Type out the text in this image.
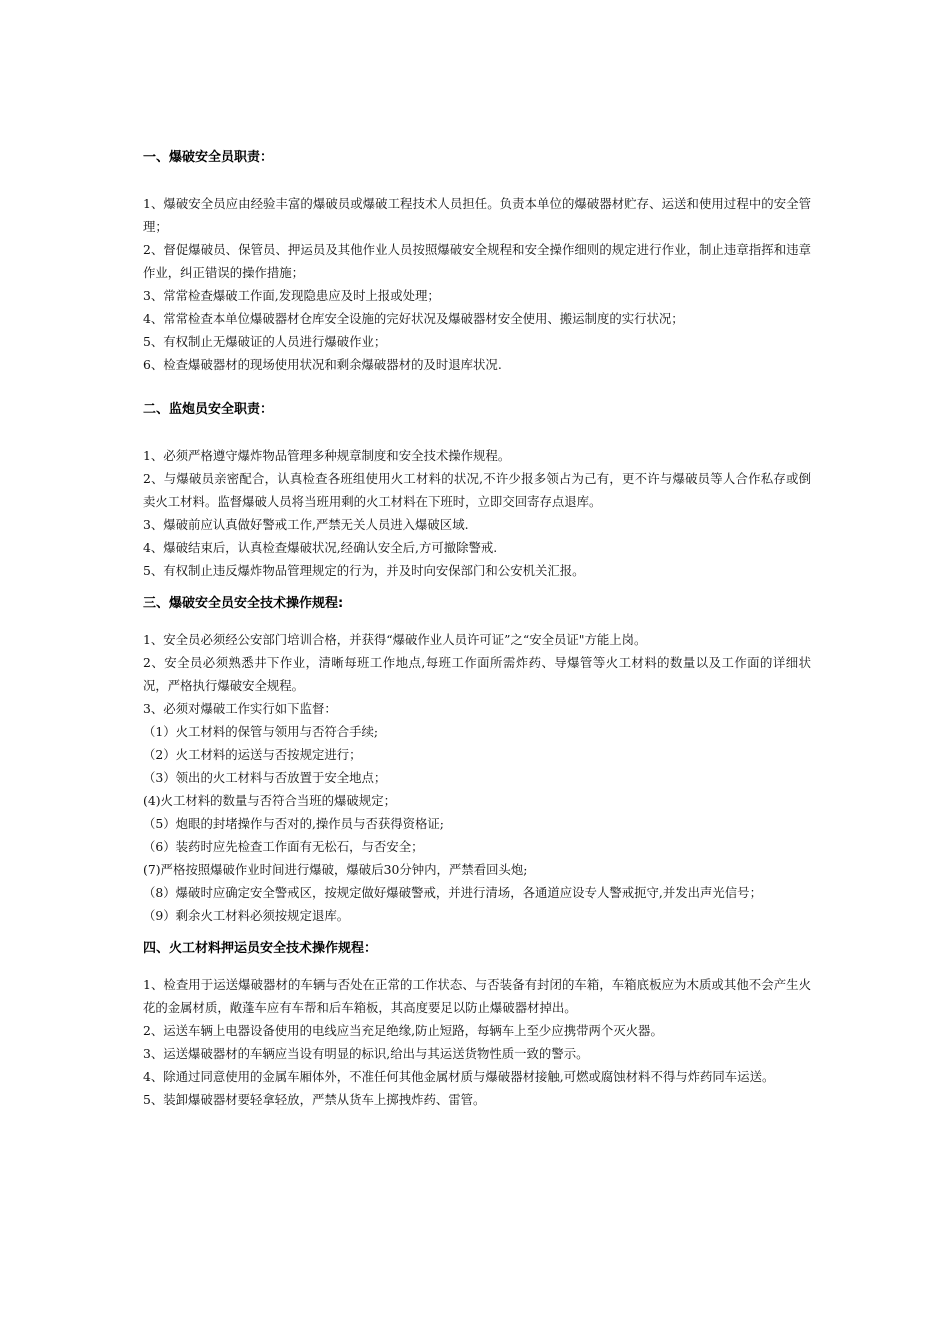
一、爆破安全员职责：
1、爆破安全员应由经验丰富的爆破员或爆破工程技术人员担任。负责本单位的爆破器材贮存、运送和使用过程中的安全管理；
2、督促爆破员、保管员、押运员及其他作业人员按照爆破安全规程和安全操作细则的规定进行作业，制止违章指挥和违章作业，纠正错误的操作措施；
3、常常检查爆破工作面,发现隐患应及时上报或处理；
4、常常检查本单位爆破器材仓库安全设施的完好状况及爆破器材安全使用、搬运制度的实行状况；
5、有权制止无爆破证的人员进行爆破作业；
6、检查爆破器材的现场使用状况和剩余爆破器材的及时退库状况.
二、监炮员安全职责：
1、必须严格遵守爆炸物品管理多种规章制度和安全技术操作规程。
2、与爆破员亲密配合，认真检查各班组使用火工材料的状况,不许少报多领占为己有，更不许与爆破员等人合作私存或倒卖火工材料。监督爆破人员将当班用剩的火工材料在下班时，立即交回寄存点退库。
3、爆破前应认真做好警戒工作,严禁无关人员进入爆破区域.
4、爆破结束后，认真检查爆破状况,经确认安全后,方可撤除警戒.
5、有权制止违反爆炸物品管理规定的行为，并及时向安保部门和公安机关汇报。
三、爆破安全员安全技术操作规程:
1、安全员必须经公安部门培训合格，并获得“爆破作业人员许可证”之“安全员证"方能上岗。
2、安全员必须熟悉井下作业，清晰每班工作地点,每班工作面所需炸药、导爆管等火工材料的数量以及工作面的详细状况，严格执行爆破安全规程。
3、必须对爆破工作实行如下监督：
（1）火工材料的保管与领用与否符合手续;
（2）火工材料的运送与否按规定进行；
（3）领出的火工材料与否放置于安全地点；
(4)火工材料的数量与否符合当班的爆破规定；
（5）炮眼的封堵操作与否对的,操作员与否获得资格证;
（6）装药时应先检查工作面有无松石，与否安全；
(7)严格按照爆破作业时间进行爆破，爆破后30分钟内，严禁看回头炮;
（8）爆破时应确定安全警戒区，按规定做好爆破警戒，并进行清场，各通道应设专人警戒扼守,并发出声光信号；
（9）剩余火工材料必须按规定退库。
四、火工材料押运员安全技术操作规程：
1、检查用于运送爆破器材的车辆与否处在正常的工作状态、与否装备有封闭的车箱，车箱底板应为木质或其他不会产生火花的金属材质，敞蓬车应有车帮和后车箱板，其高度要足以防止爆破器材掉出。
2、运送车辆上电器设备使用的电线应当充足绝缘,防止短路，每辆车上至少应携带两个灭火器。
3、运送爆破器材的车辆应当设有明显的标识,给出与其运送货物性质一致的警示。
4、除通过同意使用的金属车厢体外，不准任何其他金属材质与爆破器材接触,可燃或腐蚀材料不得与炸药同车运送。
5、装卸爆破器材要轻拿轻放，严禁从货车上掷拽炸药、雷管。
